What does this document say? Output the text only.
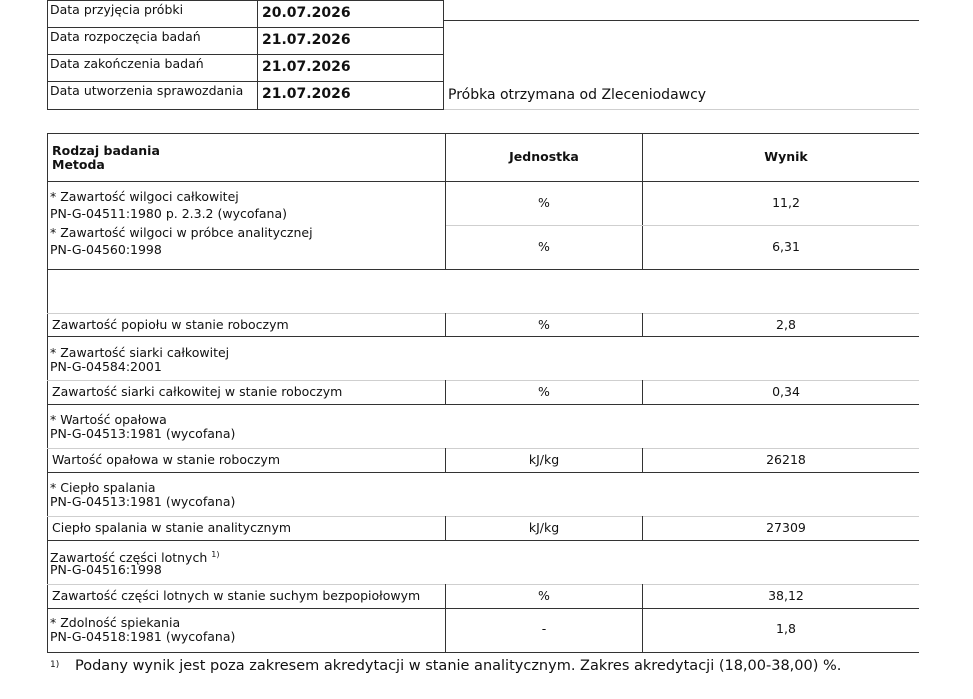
Data przyjęcia próbki	20.07.2026
Data rozpoczęcia badań	21.07.2026
Data zakończenia badań	21.07.2026
Data utworzenia sprawozdania 21.07.2026	Próbka otrzymana od Zleceniodawcy
Rodzaj badania
Metoda
Jednostka	Wynik
* Zawartość wilgoci całkowitej
PN-G-04511:1980 p. 2.3.2 (wycofana)
%	11,2
* Zawartość wilgoci w próbce analitycznej
PN-G-04560:1998	%	6,31
Zawartość popiołu w stanie roboczym	%	2,8
* Zawartość siarki całkowitej
PN-G-04584:2001
Zawartość siarki całkowitej w stanie roboczym	%	0,34
* Wartość opałowa
PN-G-04513:1981 (wycofana)
Wartość opałowa w stanie roboczym	kJ/kg	26218
* Ciepło spalania
PN-G-04513:1981 (wycofana)
Ciepło spalania w stanie analitycznym	kJ/kg	27309
Zawartość części lotnych $^{1)}$
PN-G-04516:1998
Zawartość części lotnych w stanie suchym bezpopiołowym	%	38,12
* Zdolność spiekania
PN-G-04518:1981 (wycofana)
-	1,8
1) Podany wynik jest poza zakresem akredytacji w stanie analitycznym. Zakres akredytacji (18,00-38,00) %.
